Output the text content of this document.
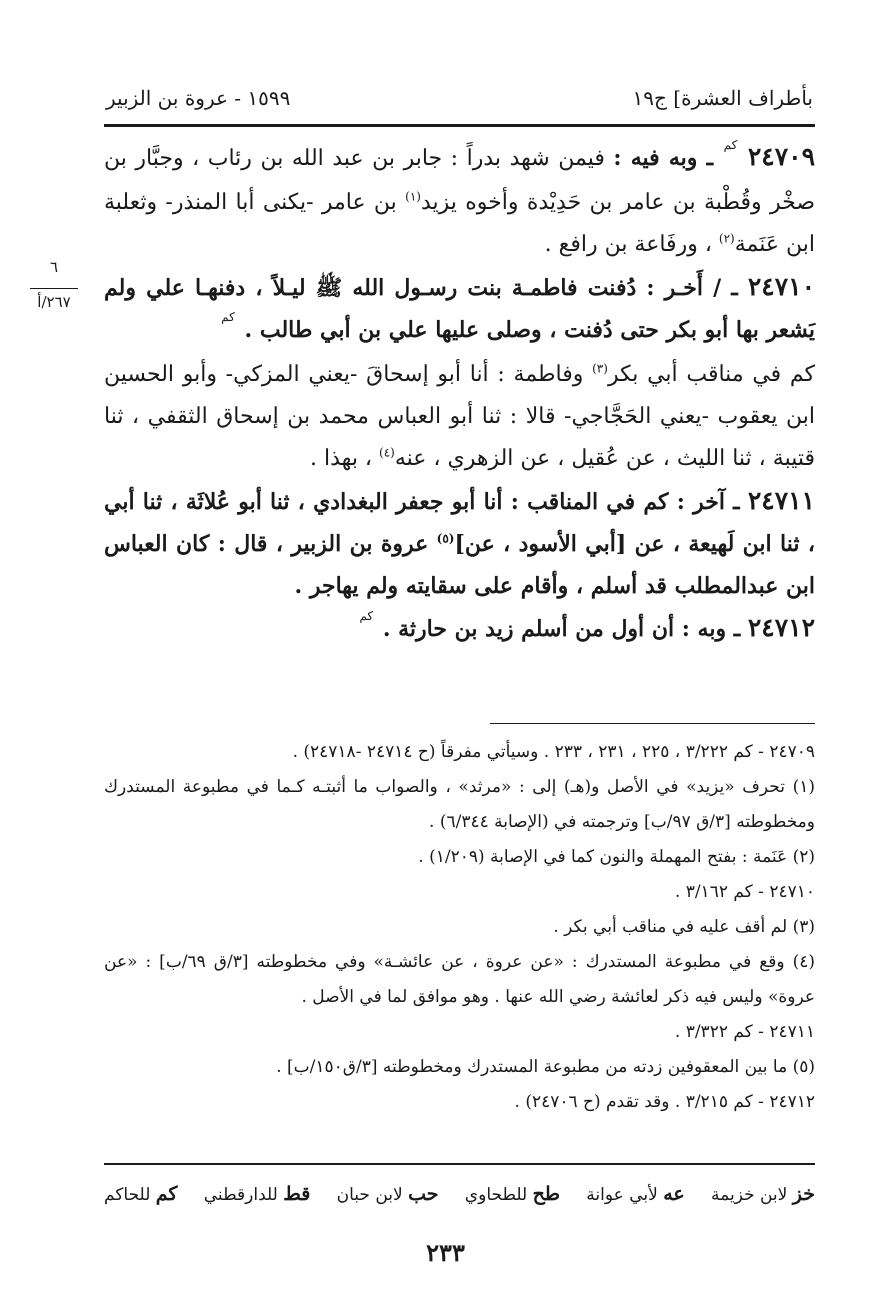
بأطراف العشرة] ج١٩
١٥٩٩ - عروة بن الزبير
٦
٢٦٧/أ

٢٤٧٠٩ كم ـ وبه فيه : فيمن شهد بدراً : جابر بن عبد الله بن رئاب ، وجبَّار بن صخْر وقُطْبة بن عامر بن حَدِيْدة وأخوه يزيد$^{(١)}$ بن عامر -يكنى أبا المنذر- وثعلبة ابن عَنَمة$^{(٢)}$ ، ورفَاعة بن رافع .

٢٤٧١٠ ـ / أَخـر : دُفنت فاطمـة بنت رسـول الله ﷺ ليـلاً ، دفنهـا علي ولم يَشعر بها أبو بكر حتى دُفنت ، وصلى عليها علي بن أبي طالب . كم

كم في مناقب أبي بكر$^{(٣)}$ وفاطمة : أنا أبو إسحاقَ -يعني المزكي- وأبو الحسين ابن يعقوب -يعني الحَجَّاجي- قالا : ثنا أبو العباس محمد بن إسحاق الثقفي ، ثنا قتيبة ، ثنا الليث ، عن عُقيل ، عن الزهري ، عنه$^{(٤)}$ ، بهذا .

٢٤٧١١ ـ آخر : كم في المناقب : أنا أبو جعفر البغدادي ، ثنا أبو عُلاثَة ، ثنا أبي ، ثنا ابن لَهيعة ، عن [أبي الأسود ، عن]$^{(٥)}$ عروة بن الزبير ، قال : كان العباس ابن عبدالمطلب قد أسلم ، وأقام على سقايته ولم يهاجر .

٢٤٧١٢ ـ وبه : أن أول من أسلم زيد بن حارثة . كم

٢٤٧٠٩ - كم ٣/٢٢٢ ، ٢٢٥ ، ٢٣١ ، ٢٣٣ . وسيأتي مفرقاً (ح ٢٤٧١٤ -٢٤٧١٨) .

(١) تحرف «يزيد» في الأصل و(هـ) إلى : «مرثد» ، والصواب ما أثبتـه كـما في مطبوعة المستدرك ومخطوطته [٣/ق ٩٧/ب] وترجمته في (الإصابة ٦/٣٤٤) .

(٢) عَنَمة : بفتح المهملة والنون كما في الإصابة (١/٢٠٩) .

٢٤٧١٠ - كم ٣/١٦٢ .

(٣) لم أقف عليه في مناقب أبي بكر .

(٤) وقع في مطبوعة المستدرك : «عن عروة ، عن عائشـة» وفي مخطوطته [٣/ق ٦٩/ب] : «عن عروة» وليس فيه ذكر لعائشة رضي الله عنها . وهو موافق لما في الأصل .

٢٤٧١١ - كم ٣/٣٢٢ .

(٥) ما بين المعقوفين زدته من مطبوعة المستدرك ومخطوطته [٣/ق١٥٠/ب] .

٢٤٧١٢ - كم ٣/٢١٥ . وقد تقدم (ح ٢٤٧٠٦) .

خز لابن خزيمة
عه لأبي عوانة
طح للطحاوي
حب لابن حبان
قط للدارقطني
كم للحاكم
٢٣٣
